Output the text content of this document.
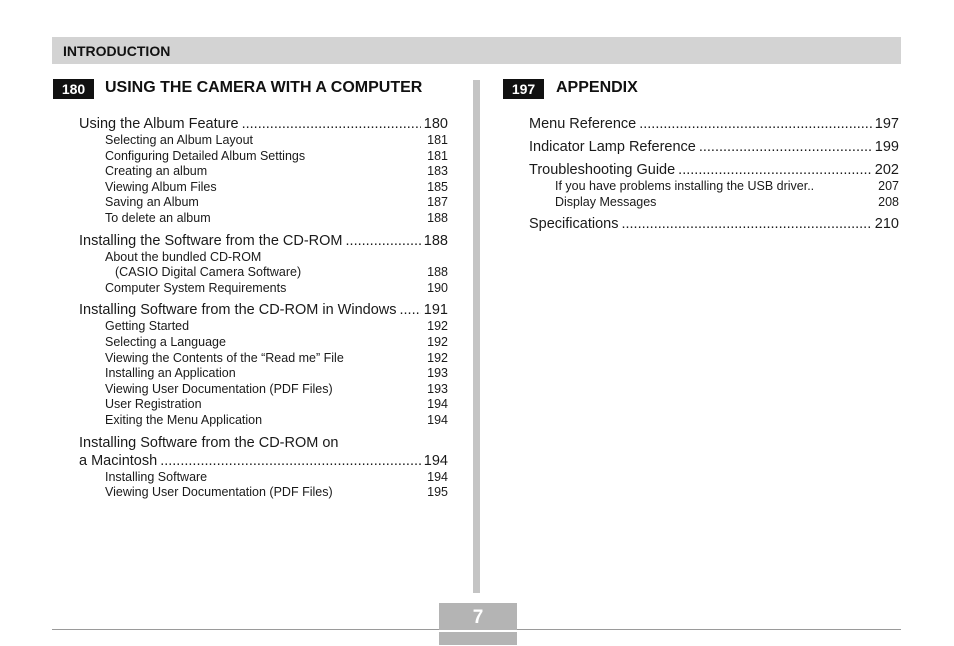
INTRODUCTION
180	USING THE CAMERA WITH A COMPUTER
Using the Album Feature .....	180
Selecting an Album Layout	181
Configuring Detailed Album Settings	181
Creating an album	183
Viewing Album Files	185
Saving an Album	187
To delete an album	188
Installing the Software from the CD-ROM .....	188
About the bundled CD-ROM
(CASIO Digital Camera Software)	188
Computer System Requirements	190
Installing Software from the CD-ROM in Windows ..... 191
Getting Started	192
Selecting a Language	192
Viewing the Contents of the “Read me” File	192
Installing an Application	193
Viewing User Documentation (PDF Files)	193
User Registration	194
Exiting the Menu Application	194
Installing Software from the CD-ROM on
a Macintosh .....	194
Installing Software	194
Viewing User Documentation (PDF Files)	195
197	APPENDIX
Menu Reference .....	197
Indicator Lamp Reference .....	199
Troubleshooting Guide .....	202
If you have problems installing the USB driver..	207
Display Messages	208
Specifications .....	210
7
